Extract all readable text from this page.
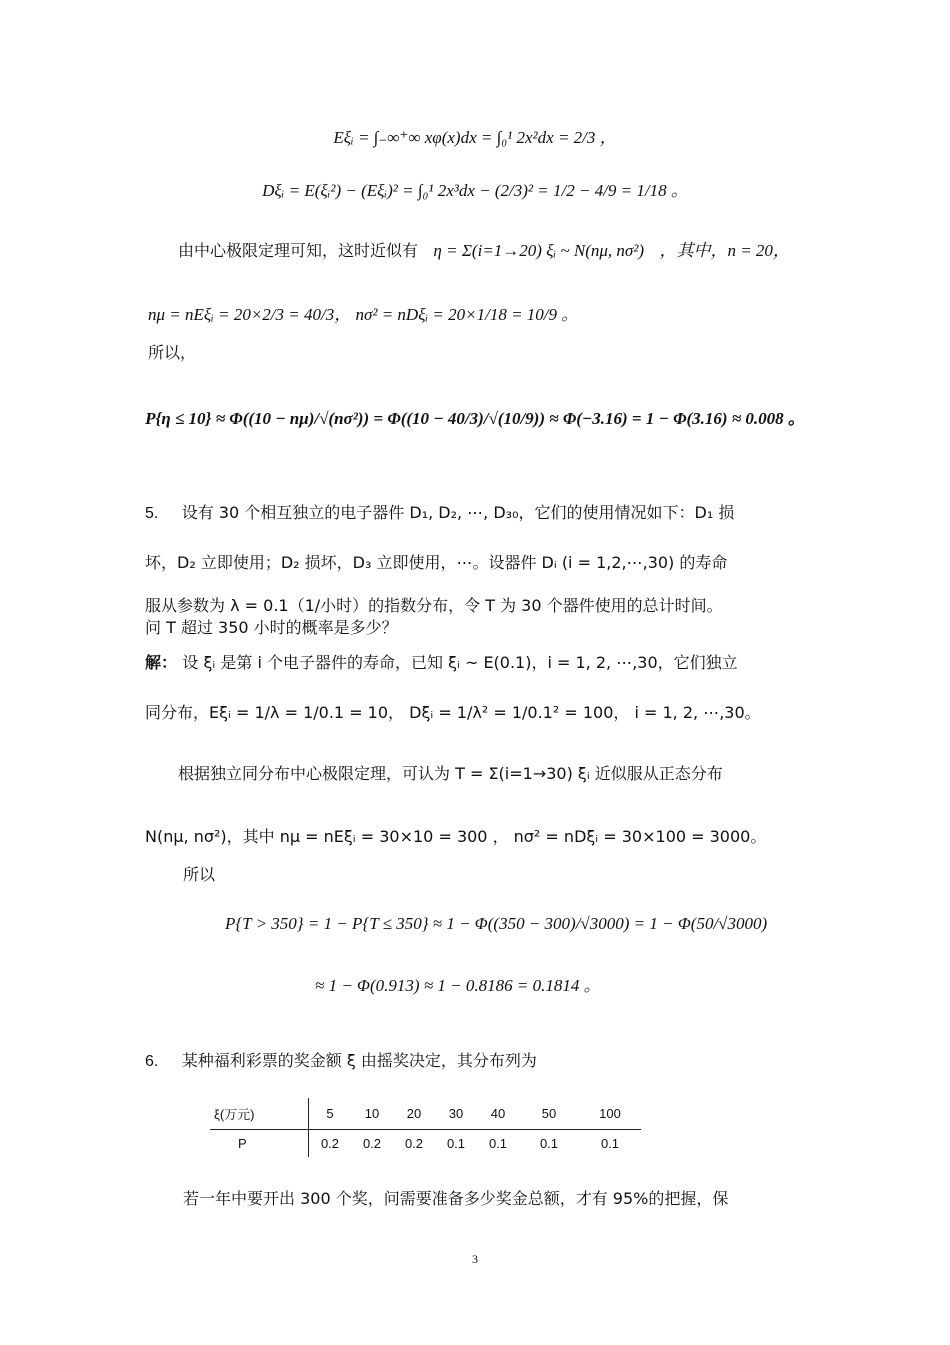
Eξᵢ = ∫₋∞⁺∞ xφ(x)dx = ∫₀¹ 2x²dx = 2/3 ，
Dξᵢ = E(ξᵢ²) − (Eξᵢ)² = ∫₀¹ 2x³dx − (2/3)² = 1/2 − 4/9 = 1/18 。
由中心极限定理可知，这时近似有 η = Σ(i=1→20) ξᵢ ~ N(nμ, nσ²) ，其中，n = 20，
nμ = nEξᵢ = 20×2/3 = 40/3， nσ² = nDξᵢ = 20×1/18 = 10/9 。
所以，
P{η ≤ 10} ≈ Φ((10 − nμ)/√(nσ²)) = Φ((10 − 40/3)/√(10/9)) ≈ Φ(−3.16) = 1 − Φ(3.16) ≈ 0.008 。
5. 设有 30 个相互独立的电子器件 D₁, D₂, ⋯, D₃₀，它们的使用情况如下：D₁ 损
坏，D₂ 立即使用；D₂ 损坏，D₃ 立即使用，⋯。设器件 Dᵢ (i = 1,2,⋯,30) 的寿命
服从参数为 λ = 0.1（1/小时）的指数分布，令 T 为 30 个器件使用的总计时间。
问 T 超过 350 小时的概率是多少？
解： 设 ξᵢ 是第 i 个电子器件的寿命，已知 ξᵢ ~ E(0.1)，i = 1, 2, ⋯,30，它们独立
同分布，Eξᵢ = 1/λ = 1/0.1 = 10， Dξᵢ = 1/λ² = 1/0.1² = 100， i = 1, 2, ⋯,30。
根据独立同分布中心极限定理，可认为 T = Σ(i=1→30) ξᵢ 近似服从正态分布
N(nμ, nσ²)，其中 nμ = nEξᵢ = 30×10 = 300 ， nσ² = nDξᵢ = 30×100 = 3000。
所以
P{T > 350} = 1 − P{T ≤ 350} ≈ 1 − Φ((350 − 300)/√3000) = 1 − Φ(50/√3000)
≈ 1 − Φ(0.913) ≈ 1 − 0.8186 = 0.1814 。
6. 某种福利彩票的奖金额 ξ 由摇奖决定，其分布列为
ξ(万元)	5	10	20	30	40	50	100
P	0.2	0.2	0.2	0.1	0.1	0.1	0.1
若一年中要开出 300 个奖，问需要准备多少奖金总额，才有 95%的把握，保
3
